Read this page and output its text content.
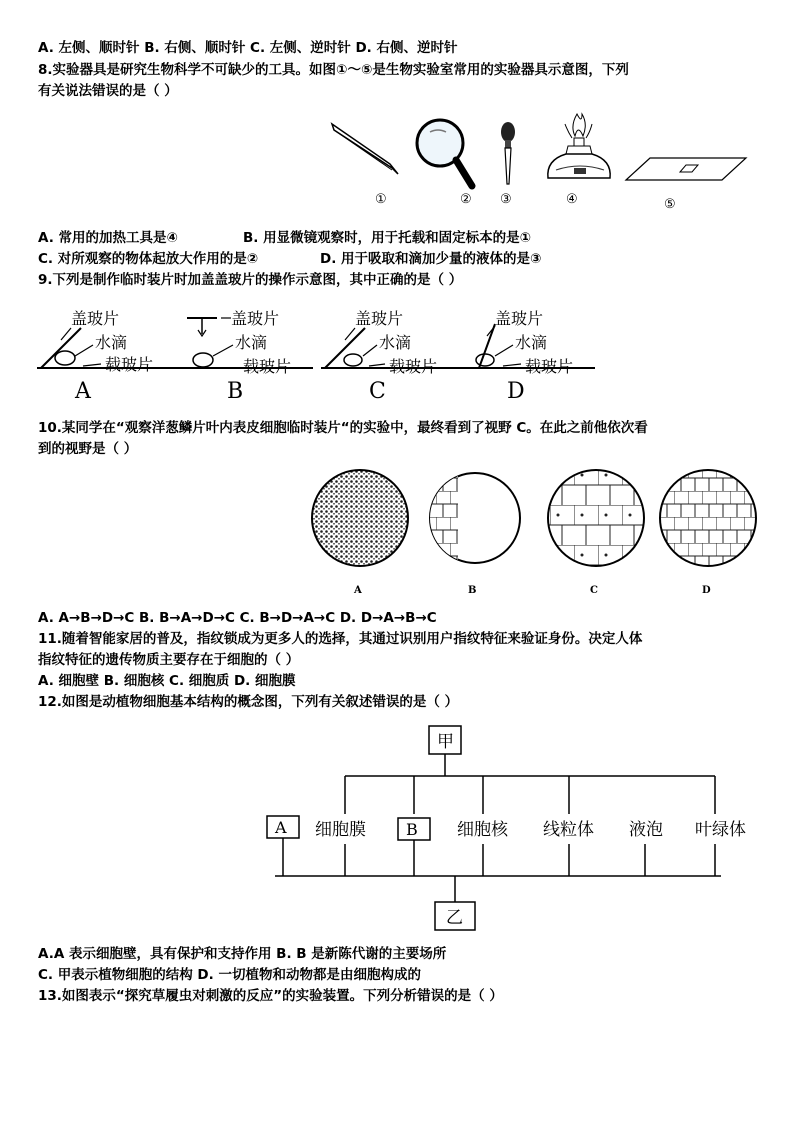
A. 左侧、顺时针 B. 右侧、顺时针 C. 左侧、逆时针 D. 右侧、逆时针
8.实验器具是研究生物科学不可缺少的工具。如图①～⑤是生物实验室常用的实验器具示意图，下列
有关说法错误的是（ ）
①	② ③	④	⑤
A. 常用的加热工具是④	B. 用显微镜观察时，用于托载和固定标本的是①
C. 对所观察的物体起放大作用的是②	D. 用于吸取和滴加少量的液体的是③
9.下列是制作临时装片时加盖盖玻片的操作示意图，其中正确的是（ ）
盖玻片
水滴
载玻片
A
盖玻片
水滴
载玻片
B
盖玻片
水滴
载玻片
C
盖玻片
水滴
载玻片
D
10.某同学在“观察洋葱鳞片叶内表皮细胞临时装片“的实验中，最终看到了视野 C。在此之前他依次看
到的视野是（ ）
A	B	C	D
A. A→B→D→C B. B→A→D→C C. B→D→A→C D. D→A→B→C
11.随着智能家居的普及，指纹锁成为更多人的选择，其通过识别用户指纹特征来验证身份。决定人体
指纹特征的遗传物质主要存在于细胞的（ ）
A. 细胞壁 B. 细胞核 C. 细胞质 D. 细胞膜
12.如图是动植物细胞基本结构的概念图，下列有关叙述错误的是（ ）
甲
A 细胞膜	B 细胞核 线粒体 液泡 叶绿体
乙
A.A 表示细胞壁，具有保护和支持作用 B. B 是新陈代谢的主要场所
C. 甲表示植物细胞的结构 D. 一切植物和动物都是由细胞构成的
13.如图表示“探究草履虫对刺激的反应”的实验装置。下列分析错误的是（ ）
